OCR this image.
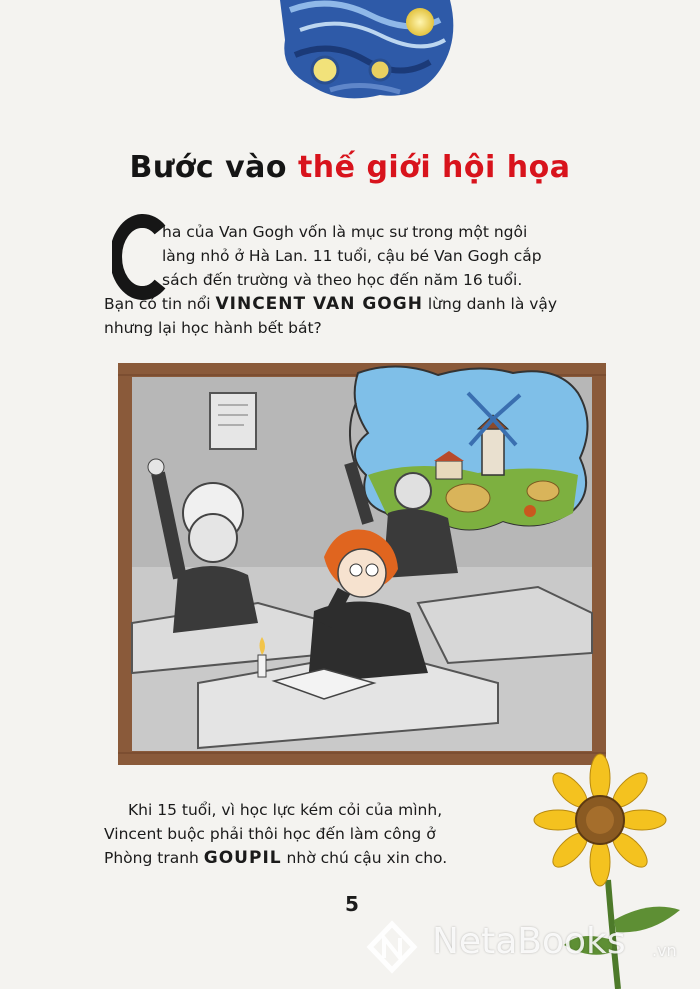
Bước vào thế giới hội họa
C
ha của Van Gogh vốn là mục sư trong một ngôi
làng nhỏ ở Hà Lan. 11 tuổi, cậu bé Van Gogh cắp
sách đến trường và theo học đến năm 16 tuổi.
Bạn có tin nổi VINCENT VAN GOGH lừng danh là vậy
nhưng lại học hành bết bát?
Khi 15 tuổi, vì học lực kém cỏi của mình,
Vincent buộc phải thôi học đến làm công ở
Phòng tranh GOUPIL nhờ chú cậu xin cho.
5
NetaBooks .vn
